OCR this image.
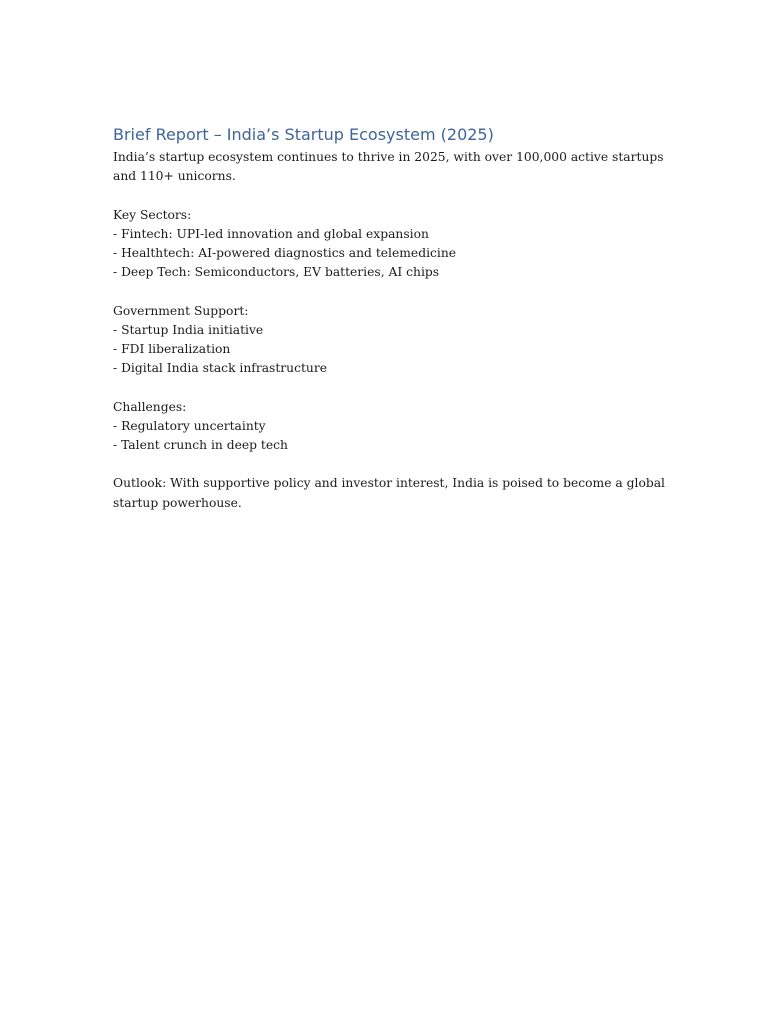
Brief Report – India’s Startup Ecosystem (2025)

India’s startup ecosystem continues to thrive in 2025, with over 100,000 active startups
and 110+ unicorns.

Key Sectors:
- Fintech: UPI-led innovation and global expansion
- Healthtech: AI-powered diagnostics and telemedicine
- Deep Tech: Semiconductors, EV batteries, AI chips
Government Support:
- Startup India initiative
- FDI liberalization
- Digital India stack infrastructure
Challenges:
- Regulatory uncertainty
- Talent crunch in deep tech

Outlook: With supportive policy and investor interest, India is poised to become a global
startup powerhouse.
